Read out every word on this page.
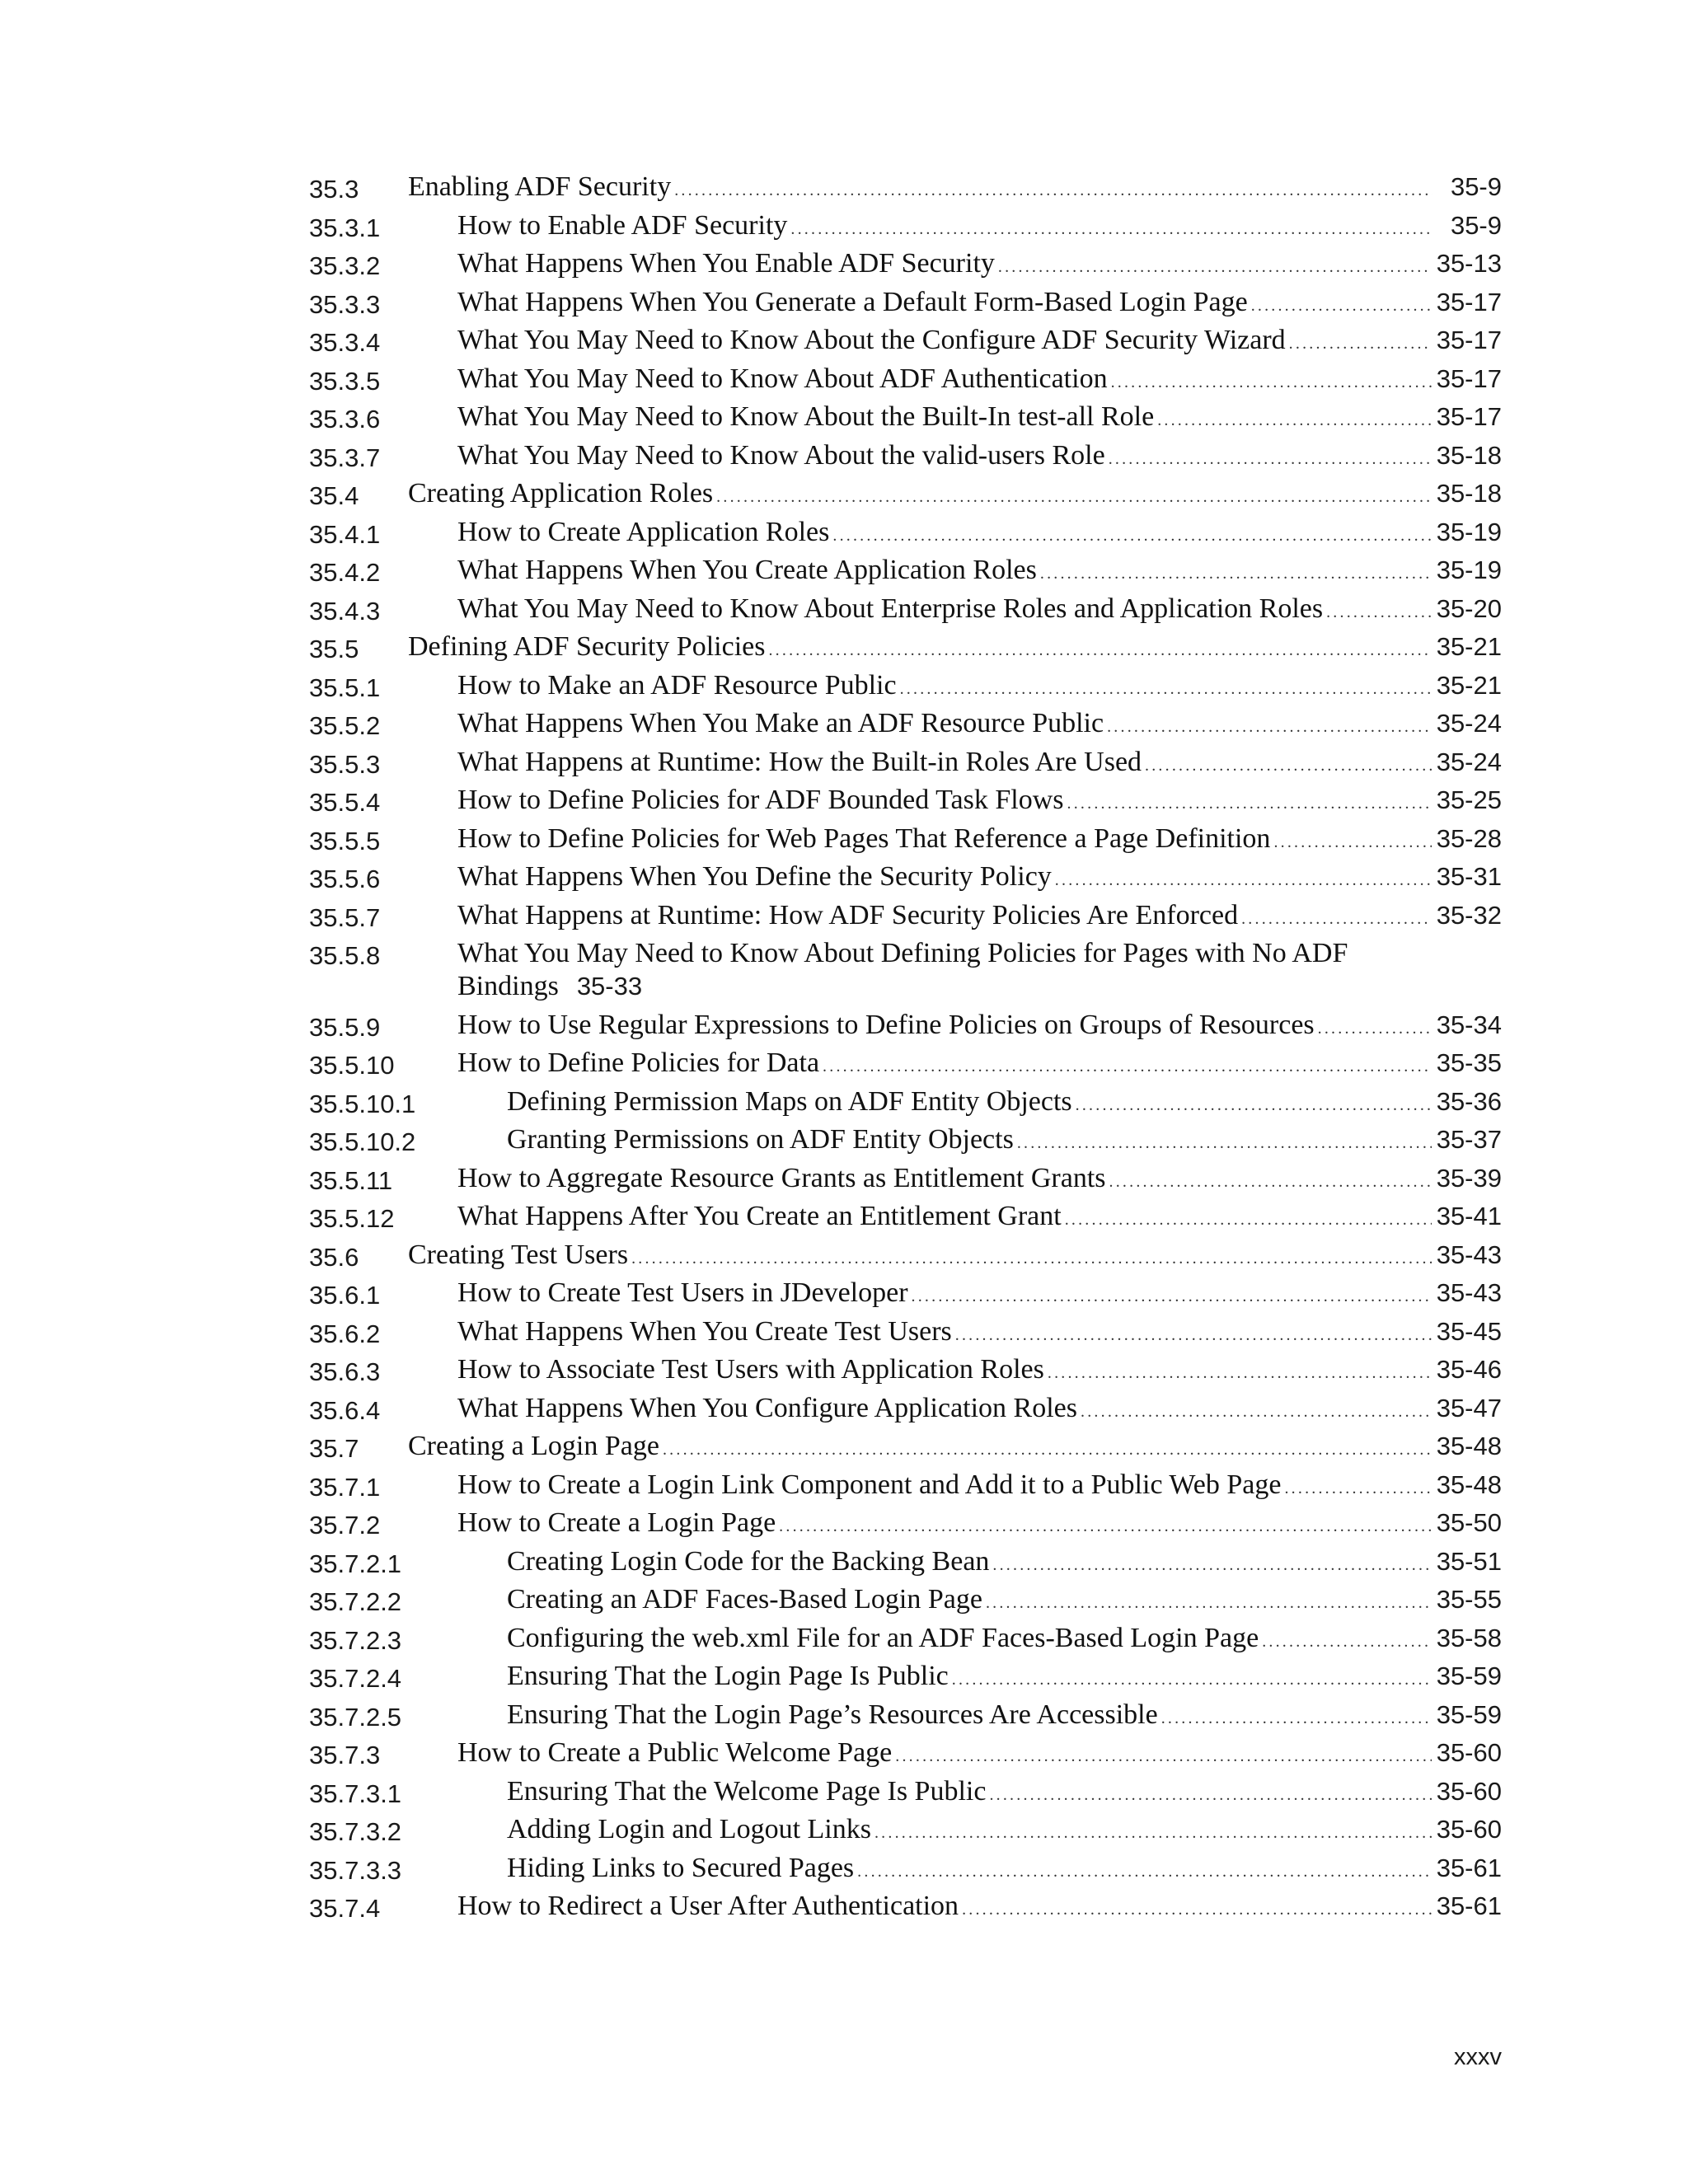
35.3 Enabling ADF Security .....	35-9
35.3.1	How to Enable ADF Security .....	35-9
35.3.2	What Happens When You Enable ADF Security .....	35-13
35.3.3	What Happens When You Generate a Default Form-Based Login Page .....	35-17
35.3.4	What You May Need to Know About the Configure ADF Security Wizard .....	35-17
35.3.5	What You May Need to Know About ADF Authentication .....	35-17
35.3.6	What You May Need to Know About the Built-In test-all Role .....	35-17
35.3.7	What You May Need to Know About the valid-users Role .....	35-18
35.4 Creating Application Roles .....	35-18
35.4.1	How to Create Application Roles .....	35-19
35.4.2	What Happens When You Create Application Roles .....	35-19
35.4.3	What You May Need to Know About Enterprise Roles and Application Roles .....	35-20
35.5 Defining ADF Security Policies .....	35-21
35.5.1	How to Make an ADF Resource Public .....	35-21
35.5.2	What Happens When You Make an ADF Resource Public .....	35-24
35.5.3	What Happens at Runtime: How the Built-in Roles Are Used .....	35-24
35.5.4	How to Define Policies for ADF Bounded Task Flows .....	35-25
35.5.5	How to Define Policies for Web Pages That Reference a Page Definition .....	35-28
35.5.6	What Happens When You Define the Security Policy .....	35-31
35.5.7	What Happens at Runtime: How ADF Security Policies Are Enforced .....	35-32
35.5.8	What You May Need to Know About Defining Policies for Pages with No ADF Bindings 35-33
35.5.9	How to Use Regular Expressions to Define Policies on Groups of Resources .....	35-34
35.5.10 How to Define Policies for Data .....	35-35
35.5.10.1	Defining Permission Maps on ADF Entity Objects .....	35-36
35.5.10.2	Granting Permissions on ADF Entity Objects .....	35-37
35.5.11 How to Aggregate Resource Grants as Entitlement Grants .....	35-39
35.5.12 What Happens After You Create an Entitlement Grant .....	35-41
35.6 Creating Test Users .....	35-43
35.6.1	How to Create Test Users in JDeveloper .....	35-43
35.6.2	What Happens When You Create Test Users .....	35-45
35.6.3	How to Associate Test Users with Application Roles .....	35-46
35.6.4	What Happens When You Configure Application Roles .....	35-47
35.7 Creating a Login Page .....	35-48
35.7.1	How to Create a Login Link Component and Add it to a Public Web Page .....	35-48
35.7.2	How to Create a Login Page .....	35-50
35.7.2.1	Creating Login Code for the Backing Bean .....	35-51
35.7.2.2	Creating an ADF Faces-Based Login Page .....	35-55
35.7.2.3	Configuring the web.xml File for an ADF Faces-Based Login Page .....	35-58
35.7.2.4	Ensuring That the Login Page Is Public .....	35-59
35.7.2.5	Ensuring That the Login Page’s Resources Are Accessible .....	35-59
35.7.3	How to Create a Public Welcome Page .....	35-60
35.7.3.1	Ensuring That the Welcome Page Is Public .....	35-60
35.7.3.2	Adding Login and Logout Links .....	35-60
35.7.3.3	Hiding Links to Secured Pages .....	35-61
35.7.4	How to Redirect a User After Authentication .....	35-61
xxxv
